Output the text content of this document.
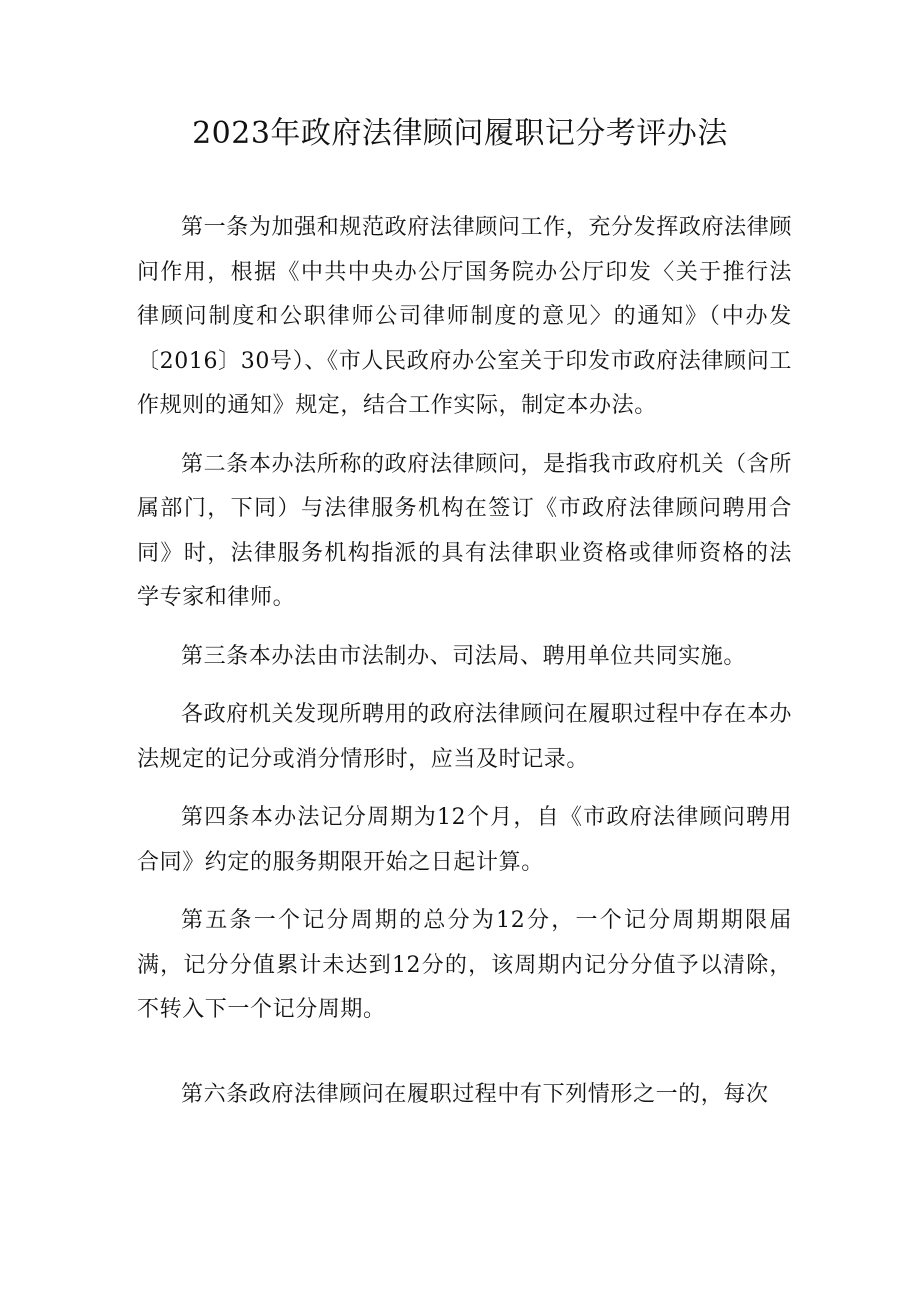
2023年政府法律顾问履职记分考评办法

第一条为加强和规范政府法律顾问工作，充分发挥政府法律顾问作用，根据《中共中央办公厅国务院办公厅印发〈关于推行法律顾问制度和公职律师公司律师制度的意见〉的通知》（中办发〔2016〕30号）、《市人民政府办公室关于印发市政府法律顾问工作规则的通知》规定，结合工作实际，制定本办法。

第二条本办法所称的政府法律顾问，是指我市政府机关（含所属部门，下同）与法律服务机构在签订《市政府法律顾问聘用合同》时，法律服务机构指派的具有法律职业资格或律师资格的法学专家和律师。

第三条本办法由市法制办、司法局、聘用单位共同实施。

各政府机关发现所聘用的政府法律顾问在履职过程中存在本办法规定的记分或消分情形时，应当及时记录。

第四条本办法记分周期为12个月，自《市政府法律顾问聘用合同》约定的服务期限开始之日起计算。

第五条一个记分周期的总分为12分，一个记分周期期限届满，记分分值累计未达到12分的，该周期内记分分值予以清除，不转入下一个记分周期。

第六条政府法律顾问在履职过程中有下列情形之一的，每次
